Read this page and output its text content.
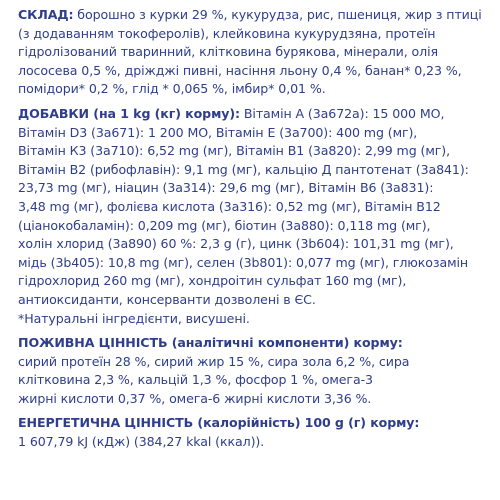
СКЛАД: борошно з курки 29 %, кукурудза, рис, пшениця, жир з птиці
(з додаванням токоферолів), клейковина кукурудзяна, протеїн
гідролізований тваринний, клітковина бурякова, мінерали, олія
лососева 0,5 %, дріжджі пивні, насіння льону 0,4 %, банан* 0,23 %,
помідори* 0,2 %, глід * 0,065 %, імбир* 0,01 %.
ДОБАВКИ (на 1 kg (кг) корму): Вітамін А (3a672a): 15 000 МО,
Вітамін D3 (3a671): 1 200 МО, Вітамін Е (3a700): 400 mg (мг),
Вітамін К3 (3a710): 6,52 mg (мг), Вітамін В1 (3a820): 2,99 mg (мг),
Вітамін В2 (рибофлавін): 9,1 mg (мг), кальцію Д пантотенат (3a841):
23,73 mg (мг), ніацин (3a314): 29,6 mg (мг), Вітамін В6 (3a831):
3,48 mg (мг), фолієва кислота (3a316): 0,52 mg (мг), Вітамін В12
(ціанокобаламін): 0,209 mg (мг), біотин (3a880): 0,118 mg (мг),
холін хлорид (3a890) 60 %: 2,3 g (г), цинк (3b604): 101,31 mg (мг),
мідь (3b405): 10,8 mg (мг), селен (3b801): 0,077 mg (мг), глюкозамін
гідрохлорид 260 mg (мг), хондроітин сульфат 160 mg (мг),
антиоксиданти, консерванти дозволені в ЄС.
*Натуральні інгредієнти, висушені.
ПОЖИВНА ЦІННІСТЬ (аналітичні компоненти) корму:
сирий протеїн 28 %, сирий жир 15 %, сира зола 6,2 %, сира
клітковина 2,3 %, кальцій 1,3 %, фосфор 1 %, омега-3
жирні кислоти 0,37 %, омега-6 жирні кислоти 3,36 %.
ЕНЕРГЕТИЧНА ЦІННІСТЬ (калорійність) 100 g (г) корму:
1 607,79 kJ (кДж) (384,27 kkal (ккал)).
